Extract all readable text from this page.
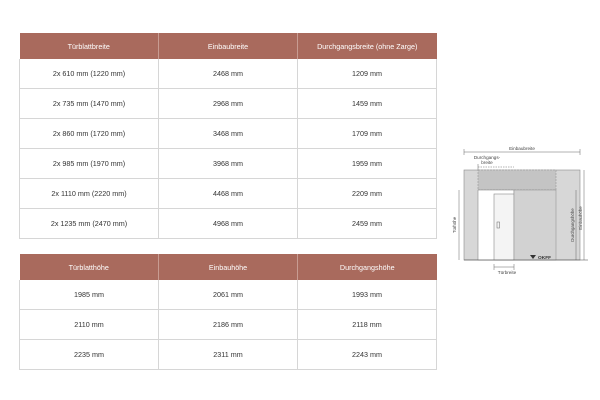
Türblattbreite	Einbaubreite	Durchgangsbreite (ohne Zarge)
2x 610 mm (1220 mm)	2468 mm	1209 mm
2x 735 mm (1470 mm)	2968 mm	1459 mm
2x 860 mm (1720 mm)	3468 mm	1709 mm
2x 985 mm (1970 mm)	3968 mm	1959 mm
2x 1110 mm (2220 mm)	4468 mm	2209 mm
2x 1235 mm (2470 mm)	4968 mm	2459 mm
Türblatthöhe	Einbauhöhe	Durchgangshöhe
1985 mm	2061 mm	1993 mm
2110 mm	2186 mm	2118 mm
2235 mm	2311 mm	2243 mm
Einbaubreite
Durchgangs-
breite
Türhöhe	Durchgangshöhe Einbauhöhe
OKFF
Türbreite
